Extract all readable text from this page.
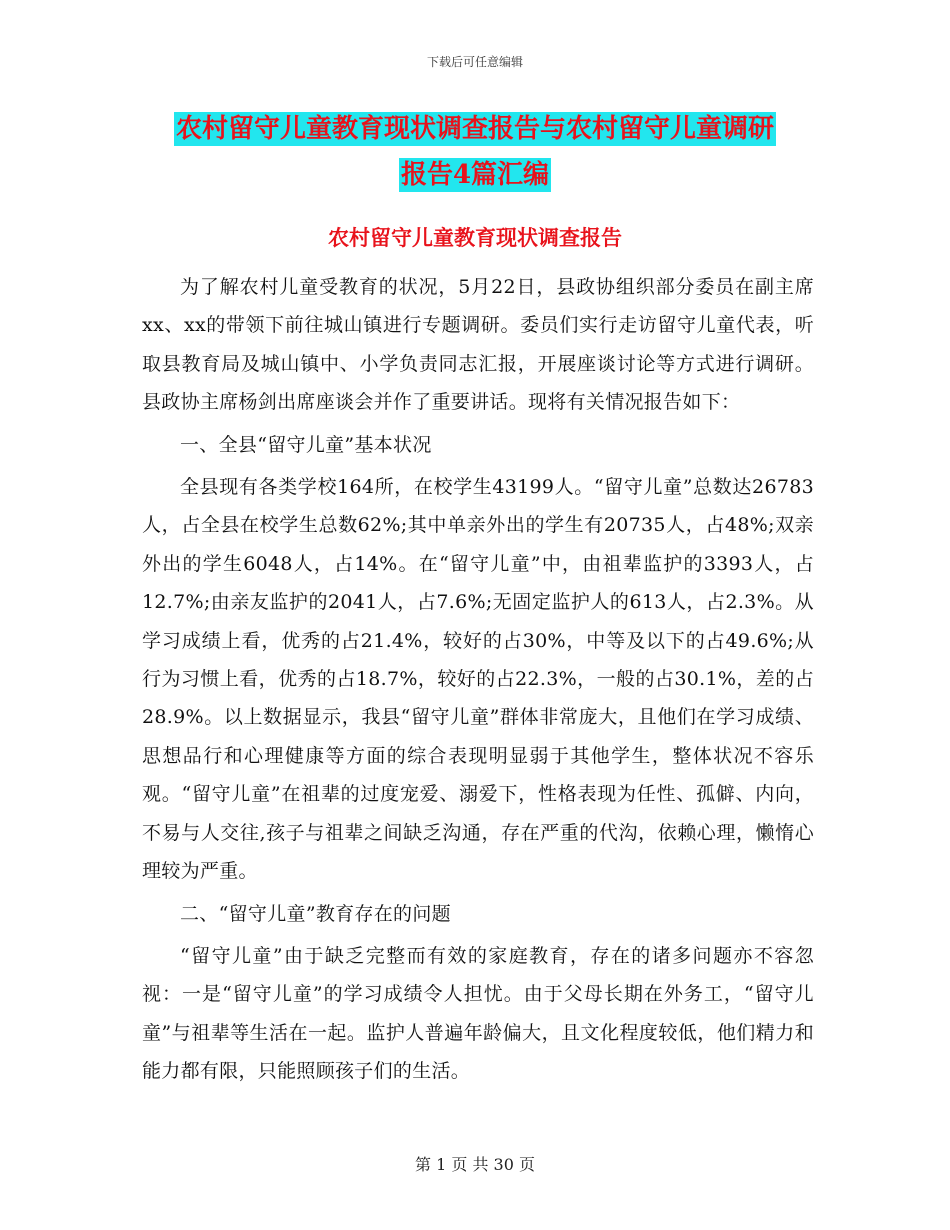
下载后可任意编辑
农村留守儿童教育现状调查报告与农村留守儿童调研
报告4篇汇编
农村留守儿童教育现状调查报告

为了解农村儿童受教育的状况，5月22日，县政协组织部分委员在副主席xx、xx的带领下前往城山镇进行专题调研。委员们实行走访留守儿童代表，听取县教育局及城山镇中、小学负责同志汇报，开展座谈讨论等方式进行调研。县政协主席杨剑出席座谈会并作了重要讲话。现将有关情况报告如下：

一、全县“留守儿童”基本状况

全县现有各类学校164所，在校学生43199人。“留守儿童”总数达26783人，占全县在校学生总数62%;其中单亲外出的学生有20735人，占48%;双亲外出的学生6048人，占14%。在“留守儿童”中，由祖辈监护的3393人，占12.7%;由亲友监护的2041人，占7.6%;无固定监护人的613人，占2.3%。从学习成绩上看，优秀的占21.4%，较好的占30%，中等及以下的占49.6%;从行为习惯上看，优秀的占18.7%，较好的占22.3%，一般的占30.1%，差的占28.9%。以上数据显示，我县“留守儿童”群体非常庞大，且他们在学习成绩、思想品行和心理健康等方面的综合表现明显弱于其他学生，整体状况不容乐观。“留守儿童”在祖辈的过度宠爱、溺爱下，性格表现为任性、孤僻、内向，不易与人交往,孩子与祖辈之间缺乏沟通，存在严重的代沟，依赖心理，懒惰心理较为严重。

二、“留守儿童”教育存在的问题

“留守儿童”由于缺乏完整而有效的家庭教育，存在的诸多问题亦不容忽视：一是“留守儿童”的学习成绩令人担忧。由于父母长期在外务工，“留守儿童”与祖辈等生活在一起。监护人普遍年龄偏大，且文化程度较低，他们精力和能力都有限，只能照顾孩子们的生活。

第 1 页 共 30 页
